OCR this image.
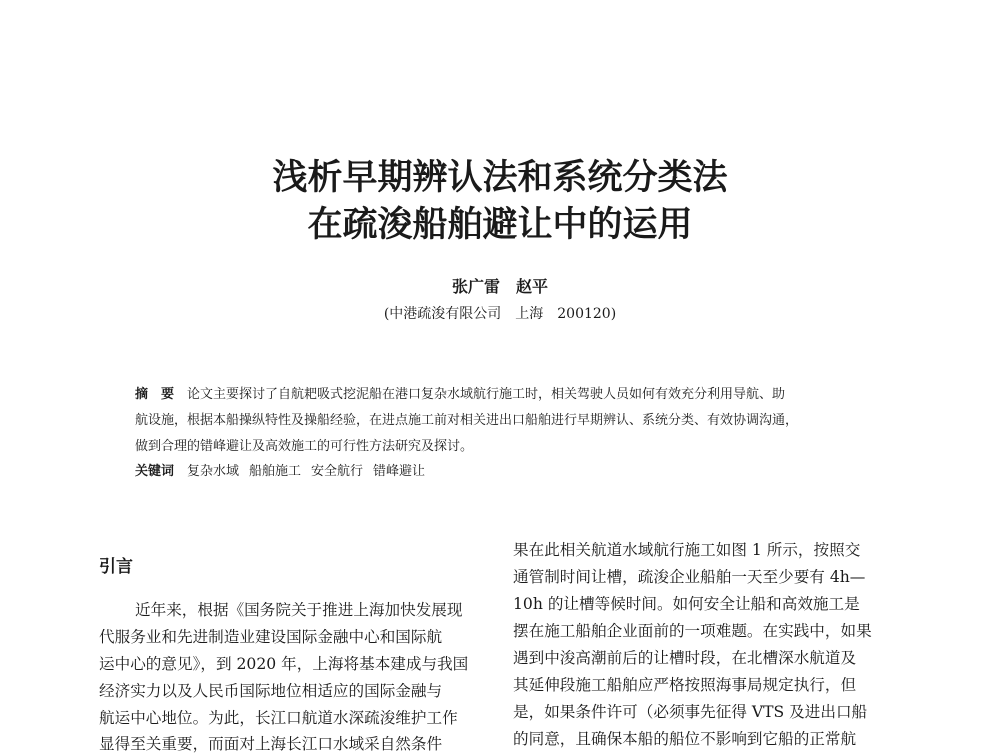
浅析早期辨认法和系统分类法
在疏浚船舶避让中的运用
张广雷　赵平
(中港疏浚有限公司　上海　200120)
摘　要 论文主要探讨了自航耙吸式挖泥船在港口复杂水域航行施工时，相关驾驶人员如何有效充分利用导航、助
航设施，根据本船操纵特性及操船经验，在进点施工前对相关进出口船舶进行早期辨认、系统分类、有效协调沟通，
做到合理的错峰避让及高效施工的可行性方法研究及探讨。
关键词 复杂水域 船舶施工 安全航行 错峰避让
引言
近年来，根据《国务院关于推进上海加快发展现
代服务业和先进制造业建设国际金融中心和国际航
运中心的意见》，到 2020 年，上海将基本建成与我国
经济实力以及人民币国际地位相适应的国际金融与
航运中心地位。为此，长江口航道水深疏浚维护工作
显得至关重要，而面对上海长江口水域采自然条件
果在此相关航道水域航行施工如图 1 所示，按照交
通管制时间让槽，疏浚企业船舶一天至少要有 4h—
10h 的让槽等候时间。如何安全让船和高效施工是
摆在施工船舶企业面前的一项难题。在实践中，如果
遇到中浚高潮前后的让槽时段，在北槽深水航道及
其延伸段施工船舶应严格按照海事局规定执行，但
是，如果条件许可（必须事先征得 VTS 及进出口船
的同意，且确保本船的船位不影响到它船的正常航
